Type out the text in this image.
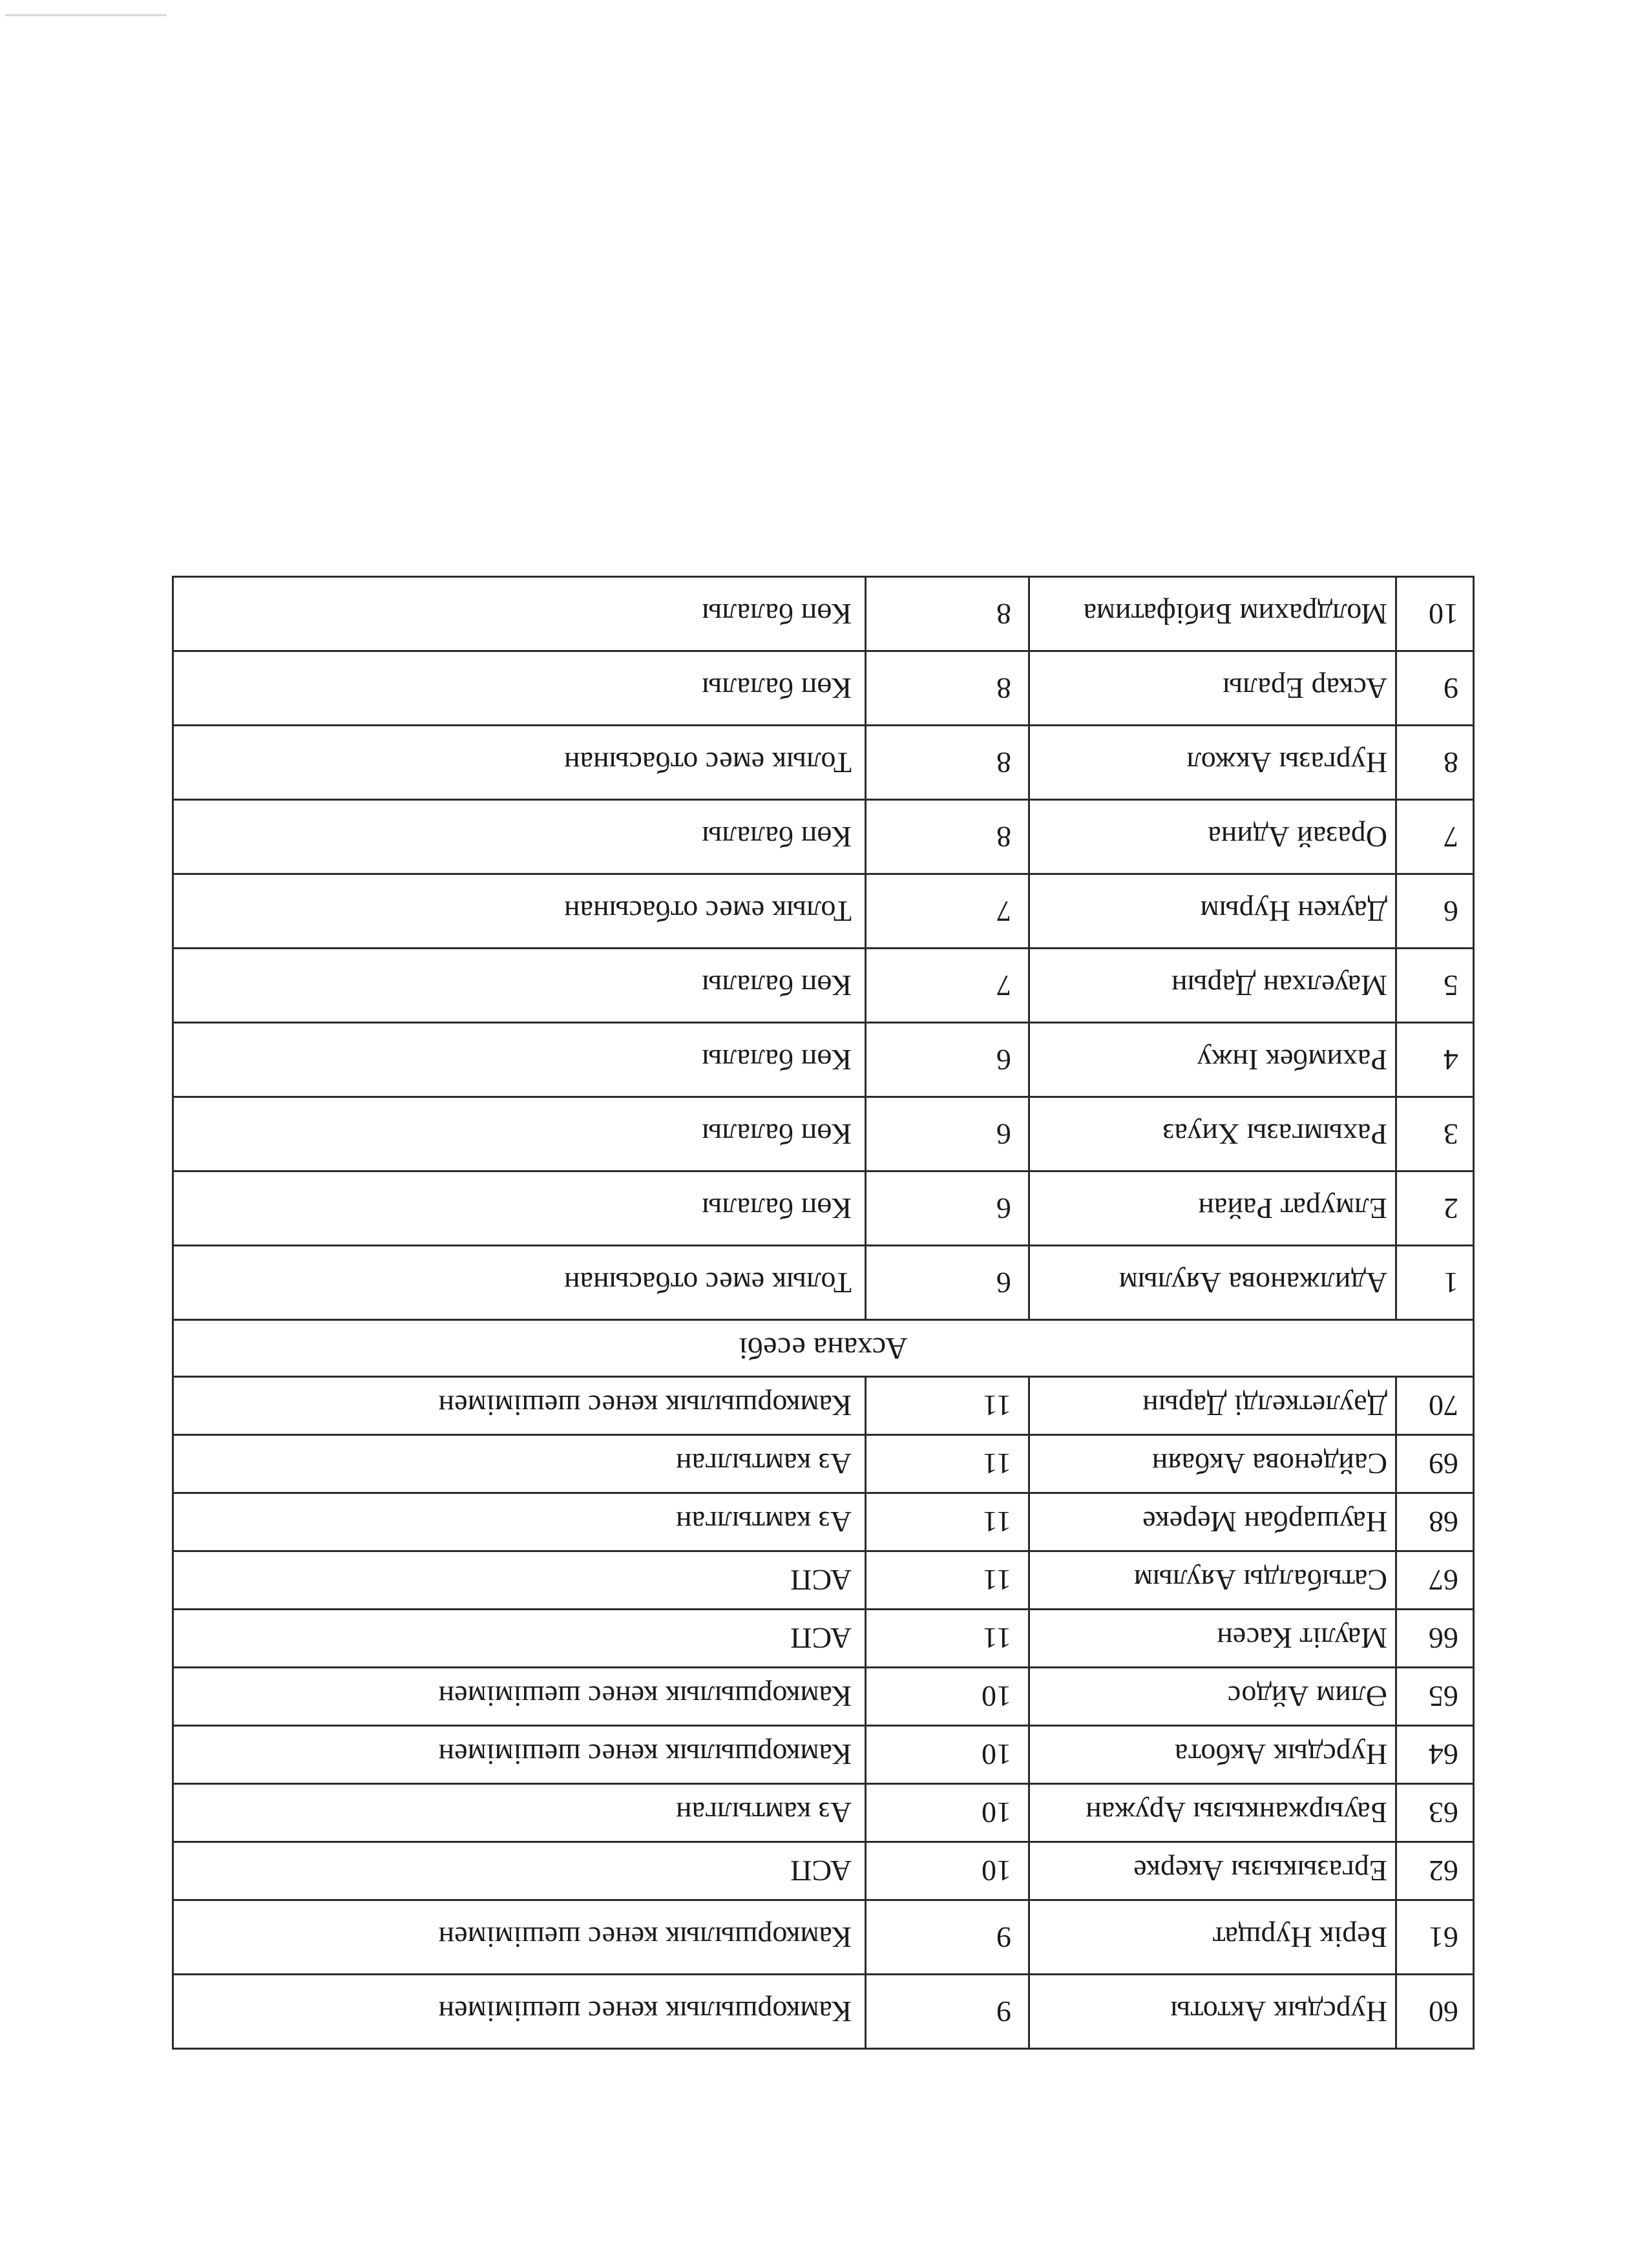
60	Нурсдык Актоты	9	Камкоршылык кенес шешімімен
61	Берік Нурщат	9	Камкоршылык кенес шешімімен
62	Ергазыкызы Акерке	10	АСП
63	Бауыржанкызы Аружан	10	Аз камтылган
64	Нурсдык Акбота	10	Камкоршылык кенес шешімімен
65	Әлим Айдос	10	Камкоршылык кенес шешімімен
66	Маулiт Касен	11	АСП
67	Сатыбалды Аяулым	11	АСП
68	Наушарбан Мереке	11	Аз камтылган
69	Сайденова Акбаян	11	Аз камтылган
70	Дәулеткелді Дарын	11	Камкоршылык кенес шешімімен
Асхана есебі			
1	Адилжанова Аяулым	6	Толык емес отбасынан
2	Елмурат Райан	6	Көп балалы
3	Рахымгазы Хиуаз	6	Көп балалы
4	Рахимбек Інжу	6	Көп балалы
5	Мауелхан Дарын	7	Көп балалы
6	Даукен Нурым	7	Толык емес отбасынан
7	Оразай Адина	8	Көп балалы
8	Нургазы Акжол	8	Толык емес отбасынан
9	Аскар Ералы	8	Көп балалы
10	Молдрахим Бибіфатима	8	Көп балалы
